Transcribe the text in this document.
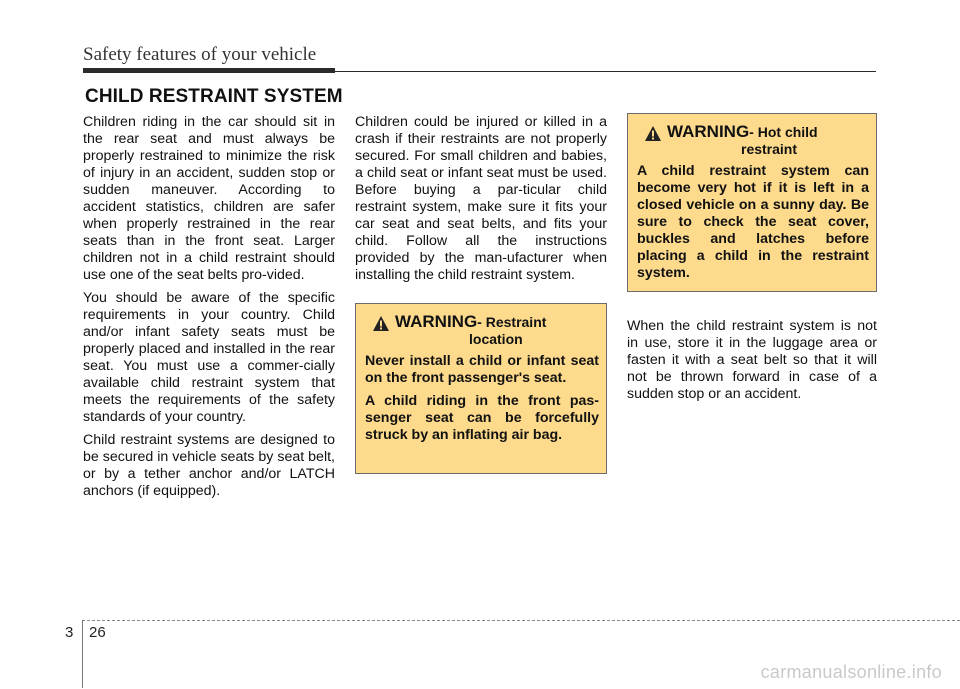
Safety features of your vehicle
CHILD RESTRAINT SYSTEM

Children riding in the car should sit in the rear seat and must always be properly restrained to minimize the risk of injury in an accident, sudden stop or sudden maneuver. According to accident statistics, children are safer when properly restrained in the rear seats than in the front seat. Larger children not in a child restraint should use one of the seat belts pro-vided.

You should be aware of the specific requirements in your country. Child and/or infant safety seats must be properly placed and installed in the rear seat. You must use a commer-cially available child restraint system that meets the requirements of the safety standards of your country.

Child restraint systems are designed to be secured in vehicle seats by seat belt, or by a tether anchor and/or LATCH anchors (if equipped).

Children could be injured or killed in a crash if their restraints are not properly secured. For small children and babies, a child seat or infant seat must be used. Before buying a par-ticular child restraint system, make sure it fits your car seat and seat belts, and fits your child. Follow all the instructions provided by the man-ufacturer when installing the child restraint system.

WARNING- Restraint
location

Never install a child or infant seat on the front passenger's seat.

A child riding in the front pas-senger seat can be forcefully struck by an inflating air bag.

WARNING- Hot child
restraint

A child restraint system can become very hot if it is left in a closed vehicle on a sunny day. Be sure to check the seat cover, buckles and latches before placing a child in the restraint system.

When the child restraint system is not in use, store it in the luggage area or fasten it with a seat belt so that it will not be thrown forward in case of a sudden stop or an accident.

3 26
carmanualsonline.info
